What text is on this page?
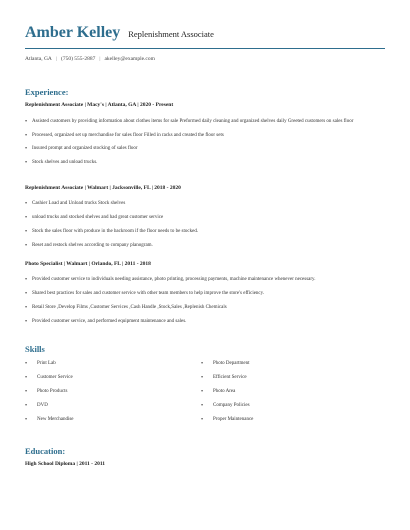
Amber Kelley Replenishment Associate
Atlanta, GA | (750) 555-2887 | akelley@example.com
Experience:
Replenishment Associate | Macy's | Atlanta, GA | 2020 - Present
• Assisted customers by providing information about clothes items for sale Preformed daily cleaning and organized shelves daily Greeted customers on sales floor
• Processed, organized set up merchandise for sales floor Filled in racks and created the floor sets
• Insured prompt and organized stocking of sales floor
• Stock shelves and unload trucks.
Replenishment Associate | Walmart | Jacksonville, FL | 2018 - 2020
• Cashier Load and Unload trucks Stock shelves
• unload trucks and stocked shelves and had great customer service
• Stock the sales floor with produce in the backroom if the floor needs to be stocked.
• Reset and restock shelves according to company planogram.
Photo Specialist | Walmart | Orlando, FL | 2011 - 2018
• Provided customer service to individuals needing assistance, photo printing, processing payments, machine maintenance whenever necessary.
• Shared best practices for sales and customer service with other team members to help improve the store's efficiency.
• Retail Store ,Develop Films ,Customer Services ,Cash Handle ,Stock,Sales ,Replenish Chemicals
• Provided customer service, and performed equipment maintenance and sales.
Skills
• Print Lab
• Customer Service
• Photo Products
• DVD
• New Merchandise
• Photo Department
• Efficient Service
• Photo Area
• Company Policies
• Proper Maintenance
Education:
High School Diploma | 2011 - 2011
